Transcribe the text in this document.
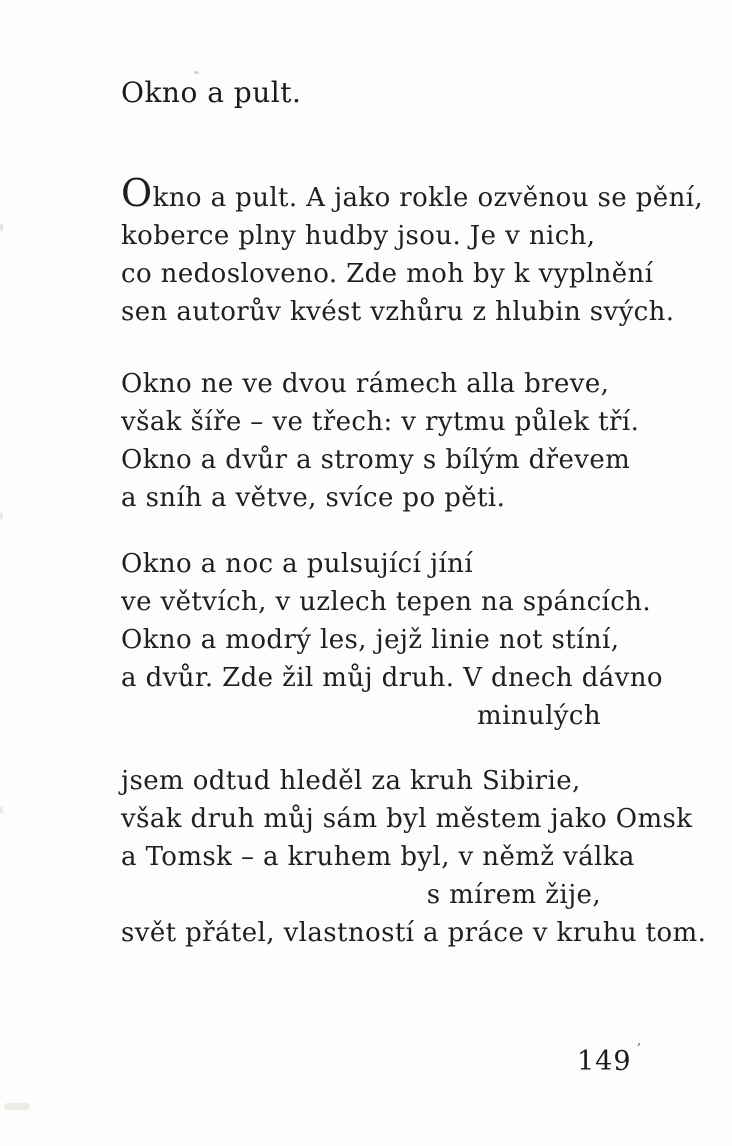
Okno a pult.
Okno a pult. A jako rokle ozvěnou se pění,
koberce plny hudby jsou. Je v nich,
co nedosloveno. Zde moh by k vyplnění
sen autorův kvést vzhůru z hlubin svých.
Okno ne ve dvou rámech alla breve,
však šíře – ve třech: v rytmu půlek tří.
Okno a dvůr a stromy s bílým dřevem
a sníh a větve, svíce po pěti.
Okno a noc a pulsující jíní
ve větvích, v uzlech tepen na spáncích.
Okno a modrý les, jejž linie not stíní,
a dvůr. Zde žil můj druh. V dnech dávno
minulých
jsem odtud hleděl za kruh Sibirie,
však druh můj sám byl městem jako Omsk
a Tomsk – a kruhem byl, v němž válka
s mírem žije,
svět přátel, vlastností a práce v kruhu tom.
149 ʼ
